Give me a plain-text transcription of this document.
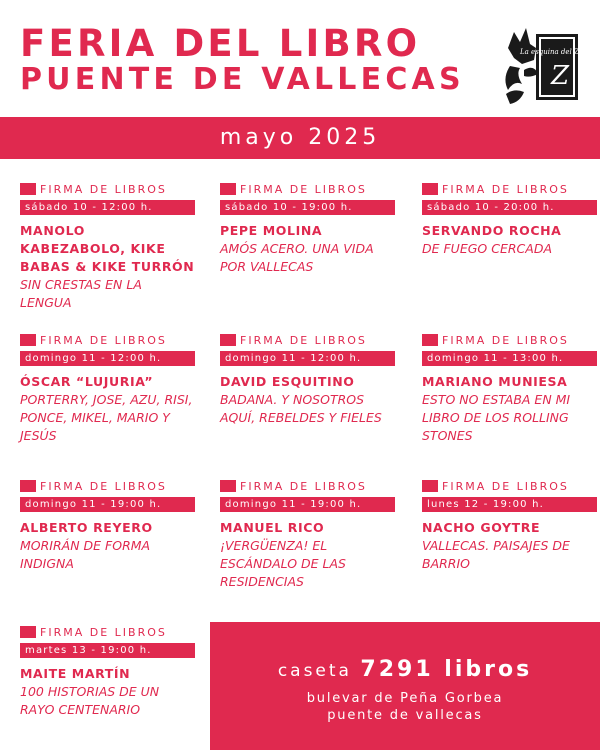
FERIA DEL LIBRO
PUENTE DE VALLECAS
La esquina del Zorro
Z
mayo 2025
FIRMA DE LIBROS
sábado 10 - 12:00 h.
MANOLO KABEZABOLO, KIKE BABAS & KIKE TURRÓN
SIN CRESTAS EN LA LENGUA
FIRMA DE LIBROS
sábado 10 - 19:00 h.
PEPE MOLINA
AMÓS ACERO. UNA VIDA POR VALLECAS
FIRMA DE LIBROS
sábado 10 - 20:00 h.
SERVANDO ROCHA
DE FUEGO CERCADA
FIRMA DE LIBROS
domingo 11 - 12:00 h.
ÓSCAR “LUJURIA”
PORTERRY, JOSE, AZU, RISI, PONCE, MIKEL, MARIO Y JESÚS
FIRMA DE LIBROS
domingo 11 - 12:00 h.
DAVID ESQUITINO
BADANA. Y NOSOTROS AQUÍ, REBELDES Y FIELES
FIRMA DE LIBROS
domingo 11 - 13:00 h.
MARIANO MUNIESA
ESTO NO ESTABA EN MI LIBRO DE LOS ROLLING STONES
FIRMA DE LIBROS
domingo 11 - 19:00 h.
ALBERTO REYERO
MORIRÁN DE FORMA INDIGNA
FIRMA DE LIBROS
domingo 11 - 19:00 h.
MANUEL RICO
¡VERGÜENZA! EL ESCÁNDALO DE LAS RESIDENCIAS
FIRMA DE LIBROS
lunes 12 - 19:00 h.
NACHO GOYTRE
VALLECAS. PAISAJES DE BARRIO
FIRMA DE LIBROS
martes 13 - 19:00 h.
MAITE MARTÍN
100 HISTORIAS DE UN RAYO CENTENARIO
caseta 7291 libros
bulevar de Peña Gorbea
puente de vallecas
